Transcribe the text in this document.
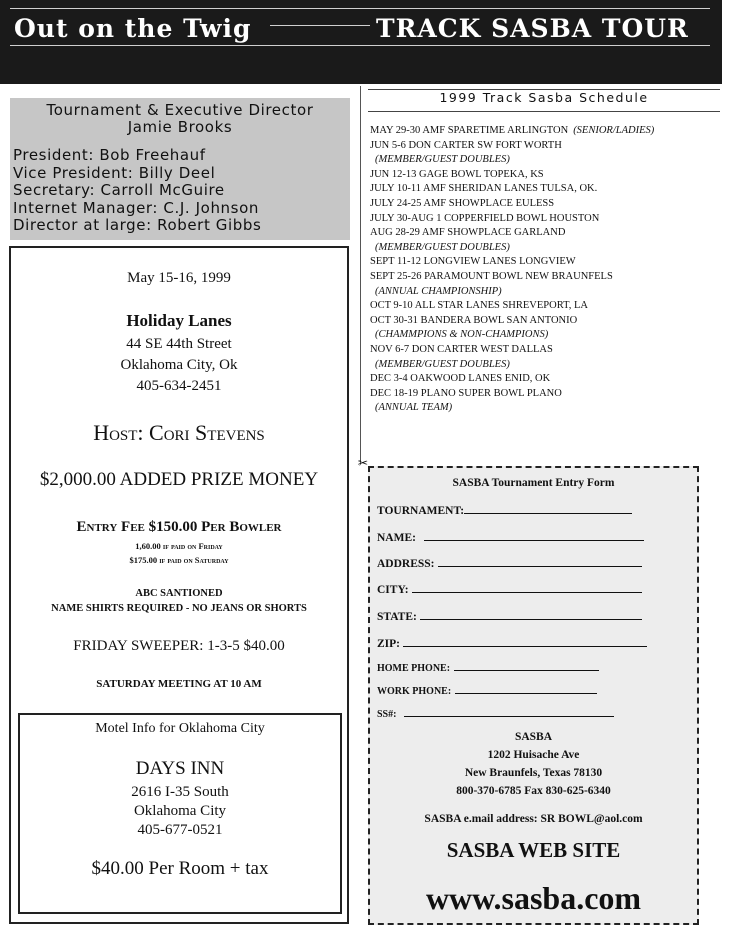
Out on the Twig	TRACK SASBA TOUR
Tournament & Executive Director
Jamie Brooks
President: Bob Freehauf
Vice President: Billy Deel
Secretary: Carroll McGuire
Internet Manager: C.J. Johnson
Director at large: Robert Gibbs
1999 Track Sasba Schedule
MAY 29-30 AMF SPARETIME ARLINGTON (SENIOR/LADIES)
JUN 5-6 DON CARTER SW FORT WORTH
(MEMBER/GUEST DOUBLES)
JUN 12-13 GAGE BOWL TOPEKA, KS
JULY 10-11 AMF SHERIDAN LANES TULSA, OK.
JULY 24-25 AMF SHOWPLACE EULESS
JULY 30-AUG 1 COPPERFIELD BOWL HOUSTON
AUG 28-29 AMF SHOWPLACE GARLAND
(MEMBER/GUEST DOUBLES)
SEPT 11-12 LONGVIEW LANES LONGVIEW
SEPT 25-26 PARAMOUNT BOWL NEW BRAUNFELS
(ANNUAL CHAMPIONSHIP)
OCT 9-10 ALL STAR LANES SHREVEPORT, LA
OCT 30-31 BANDERA BOWL SAN ANTONIO
(CHAMMPIONS & NON-CHAMPIONS)
NOV 6-7 DON CARTER WEST DALLAS
(MEMBER/GUEST DOUBLES)
DEC 3-4 OAKWOOD LANES ENID, OK
DEC 18-19 PLANO SUPER BOWL PLANO
(ANNUAL TEAM)
May 15-16, 1999
Holiday Lanes
44 SE 44th Street
Oklahoma City, Ok
405-634-2451
Host: Cori Stevens
$2,000.00 ADDED PRIZE MONEY
Entry Fee $150.00 Per Bowler
1,60.00 if paid on Friday
$175.00 if paid on Saturday
ABC SANTIONED
NAME SHIRTS REQUIRED - NO JEANS OR SHORTS
FRIDAY SWEEPER: 1-3-5 $40.00
SATURDAY MEETING AT 10 AM
Motel Info for Oklahoma City
DAYS INN
2616 I-35 South
Oklahoma City
405-677-0521
$40.00 Per Room + tax
✂
SASBA Tournament Entry Form
TOURNAMENT:
NAME:
ADDRESS:
CITY:
STATE:
ZIP:
HOME PHONE:
WORK PHONE:
SS#:
SASBA
1202 Huisache Ave
New Braunfels, Texas 78130
800-370-6785 Fax 830-625-6340
SASBA e.mail address: SR BOWL@aol.com
SASBA WEB SITE
www.sasba.com
